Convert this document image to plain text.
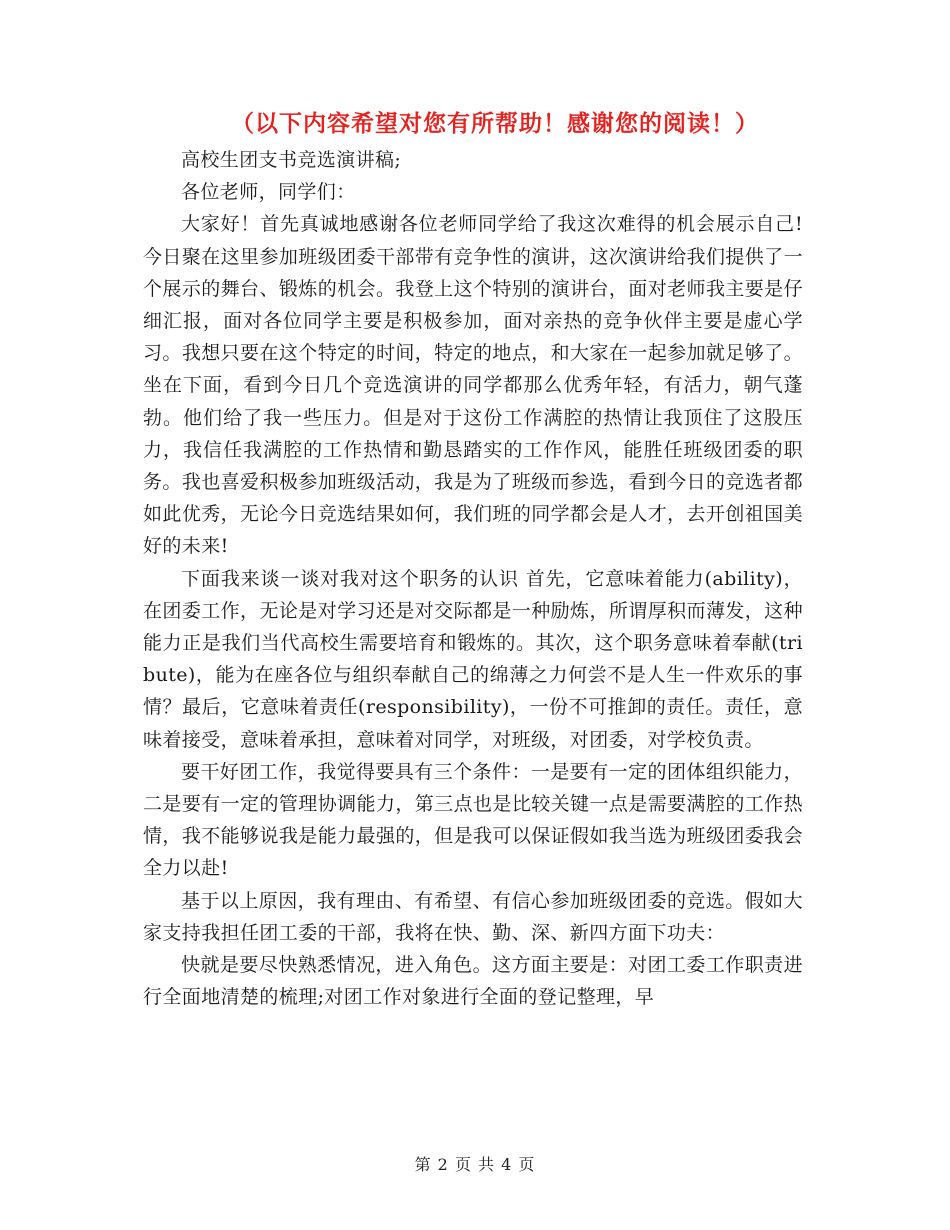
（以下内容希望对您有所帮助！感谢您的阅读！）

高校生团支书竞选演讲稿;

各位老师，同学们：

大家好！首先真诚地感谢各位老师同学给了我这次难得的机会展示自己!今日聚在这里参加班级团委干部带有竞争性的演讲，这次演讲给我们提供了一个展示的舞台、锻炼的机会。我登上这个特别的演讲台，面对老师我主要是仔细汇报，面对各位同学主要是积极参加，面对亲热的竞争伙伴主要是虚心学习。我想只要在这个特定的时间，特定的地点，和大家在一起参加就足够了。坐在下面，看到今日几个竞选演讲的同学都那么优秀年轻，有活力，朝气蓬勃。他们给了我一些压力。但是对于这份工作满腔的热情让我顶住了这股压力，我信任我满腔的工作热情和勤恳踏实的工作作风，能胜任班级团委的职务。我也喜爱积极参加班级活动，我是为了班级而参选，看到今日的竞选者都如此优秀，无论今日竞选结果如何，我们班的同学都会是人才，去开创祖国美好的未来!

下面我来谈一谈对我对这个职务的认识 首先，它意味着能力(ability)，在团委工作，无论是对学习还是对交际都是一种励炼，所谓厚积而薄发，这种能力正是我们当代高校生需要培育和锻炼的。其次，这个职务意味着奉献(tribute)，能为在座各位与组织奉献自己的绵薄之力何尝不是人生一件欢乐的事情？最后，它意味着责任(responsibility)，一份不可推卸的责任。责任，意味着接受，意味着承担，意味着对同学，对班级，对团委，对学校负责。

要干好团工作，我觉得要具有三个条件：一是要有一定的团体组织能力，二是要有一定的管理协调能力，第三点也是比较关键一点是需要满腔的工作热情，我不能够说我是能力最强的，但是我可以保证假如我当选为班级团委我会全力以赴!

基于以上原因，我有理由、有希望、有信心参加班级团委的竞选。假如大家支持我担任团工委的干部，我将在快、勤、深、新四方面下功夫：

快就是要尽快熟悉情况，进入角色。这方面主要是：对团工委工作职责进行全面地清楚的梳理;对团工作对象进行全面的登记整理，早

第 2 页 共 4 页
